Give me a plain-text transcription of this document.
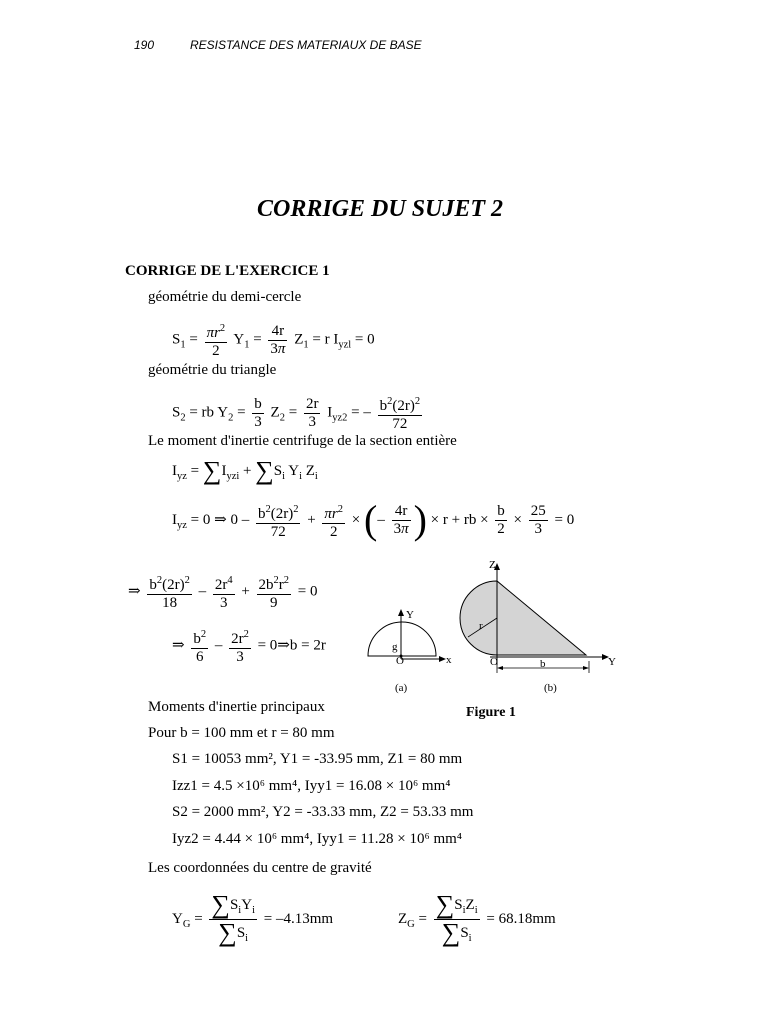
190	RESISTANCE DES MATERIAUX DE BASE
CORRIGE DU SUJET 2
CORRIGE DE L'EXERCICE 1
géométrie du demi-cercle
$S_1 = \frac{\pi r^2}{2} Y_1 = \frac{4r}{3\pi} Z_1 = r$ $I_{yzl} = 0$
géométrie du triangle
$S_2$ = rb $Y_2 = \frac{b}{3} Z_2 = \frac{2r}{3} I_{yz2}$ = – $\frac{b^2(2r)^2}{72}$
Le moment d'inertie centrifuge de la section entière
$I_{yz} = \sum I_{yzi} + \sum S_i$ $Y_i$ $Z_i$
$I_{yz} = 0$ ⇒ $0 - \frac{b^2(2r)^2}{72} + \frac{\pi r^2}{2}$ × (– $\frac{4r}{3\pi}$ ) × r + rb × $\frac{b}{2} \times \frac{25}{3} = 0$
⇒ $\frac{b^2(2r)^2}{18} - \frac{2r^4}{3} + \frac{2b^2r^2}{9} = 0$
⇒ $\frac{b^2}{6} - \frac{2r^2}{3}$ = 0⇒b = 2r
Y
g
O	x
(a)
r
Z
O	Y
b
(b)
Figure 1
Moments d'inertie principaux
Pour b = 100 mm et r = 80 mm
S1 = 10053 mm², Y1 = -33.95 mm, Z1 = 80 mm
Izz1 = 4.5 ×10⁶ mm⁴, Iyy1 = 16.08 × 10⁶ mm⁴
S2 = 2000 mm², Y2 = -33.33 mm, Z2 = 53.33 mm
Iyz2 = 4.44 × 10⁶ mm⁴, Iyy1 = 11.28 × 10⁶ mm⁴
Les coordonnées du centre de gravité
$Y_G = \frac{\sum S_iY_i}{\sum S_i} = -4.13mm$	$Z_G = \frac{\sum S_iZ_i}{\sum S_i} = 68.18mm$
